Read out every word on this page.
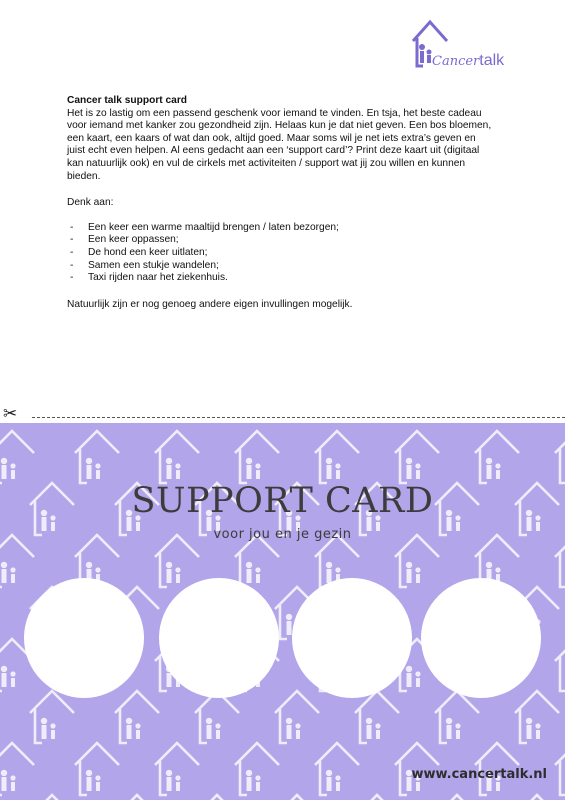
Cancertalk

Cancer talk support card

Het is zo lastig om een passend geschenk voor iemand te vinden. En tsja, het beste cadeau voor iemand met kanker zou gezondheid zijn. Helaas kun je dat niet geven. Een bos bloemen, een kaart, een kaars of wat dan ook, altijd goed. Maar soms wil je net iets extra’s geven en juist echt even helpen. Al eens gedacht aan een ‘support card’? Print deze kaart uit (digitaal kan natuurlijk ook) en vul de cirkels met activiteiten / support wat jij zou willen en kunnen bieden.

Denk aan:

- Een keer een warme maaltijd brengen / laten bezorgen;
- Een keer oppassen;
- De hond een keer uitlaten;
- Samen een stukje wandelen;
- Taxi rijden naar het ziekenhuis.

Natuurlijk zijn er nog genoeg andere eigen invullingen mogelijk.

✂
SUPPORT CARD
voor jou en je gezin
www.cancertalk.nl
